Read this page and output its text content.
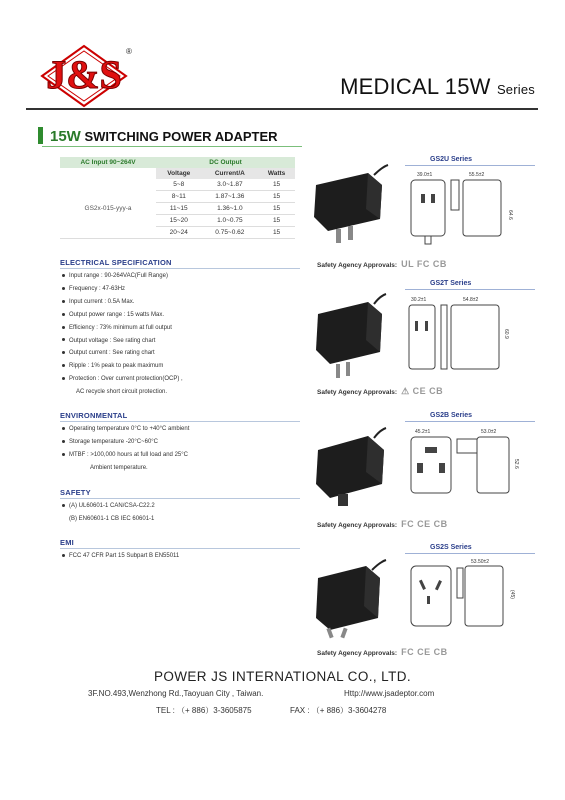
J&S
®
MEDICAL 15W Series
15W SWITCHING POWER ADAPTER
AC Input 90~264V	DC Output		
	Voltage	Current/A	Watts
GS2x-015-yyy-a	5~8	3.0~1.87	15
	8~11	1.87~1.36	15
	11~15	1.36~1.0	15
	15~20	1.0~0.75	15
	20~24	0.75~0.62	15
ELECTRICAL SPECIFICATION
Input range : 90-264VAC(Full Range)
Frequency : 47-63Hz
Input current : 0.5A Max.
Output power range : 15 watts Max.
Efficiency : 73% minimum at full output
Output voltage : See rating chart
Output current : See rating chart
Ripple : 1% peak to peak maximum
Protection : Over current protection(OCP) ,
AC recycle short circuit protection.
ENVIRONMENTAL
Operating temperature 0°C to +40°C ambient
Storage temperature -20°C~60°C
MTBF : >100,000 hours at full load and 25°C
Ambient temperature.
SAFETY
(A) UL60601-1 CAN/CSA-C22.2
(B) EN60601-1 CB IEC 60601-1
EMI
FCC 47 CFR Part 15 Subpart B EN55011
GS2U Series
39.0±1	55.5±2
64.6
Safety Agency Approvals: UL FC CB
GS2T Series
30.2±1	54.8±2
60.9
Safety Agency Approvals: ⚠ CE CB
GS2B Series
45.2±1	53.0±2
52.6
Safety Agency Approvals: FC CE CB
GS2S Series
53.50±2
(45)
Safety Agency Approvals: FC CE CB
POWER JS INTERNATIONAL CO., LTD.
3F.NO.493,Wenzhong Rd.,Taoyuan City , Taiwan.	Http://www.jsadeptor.com
TEL : （+ 886）3-3605875	FAX : （+ 886）3-3604278
